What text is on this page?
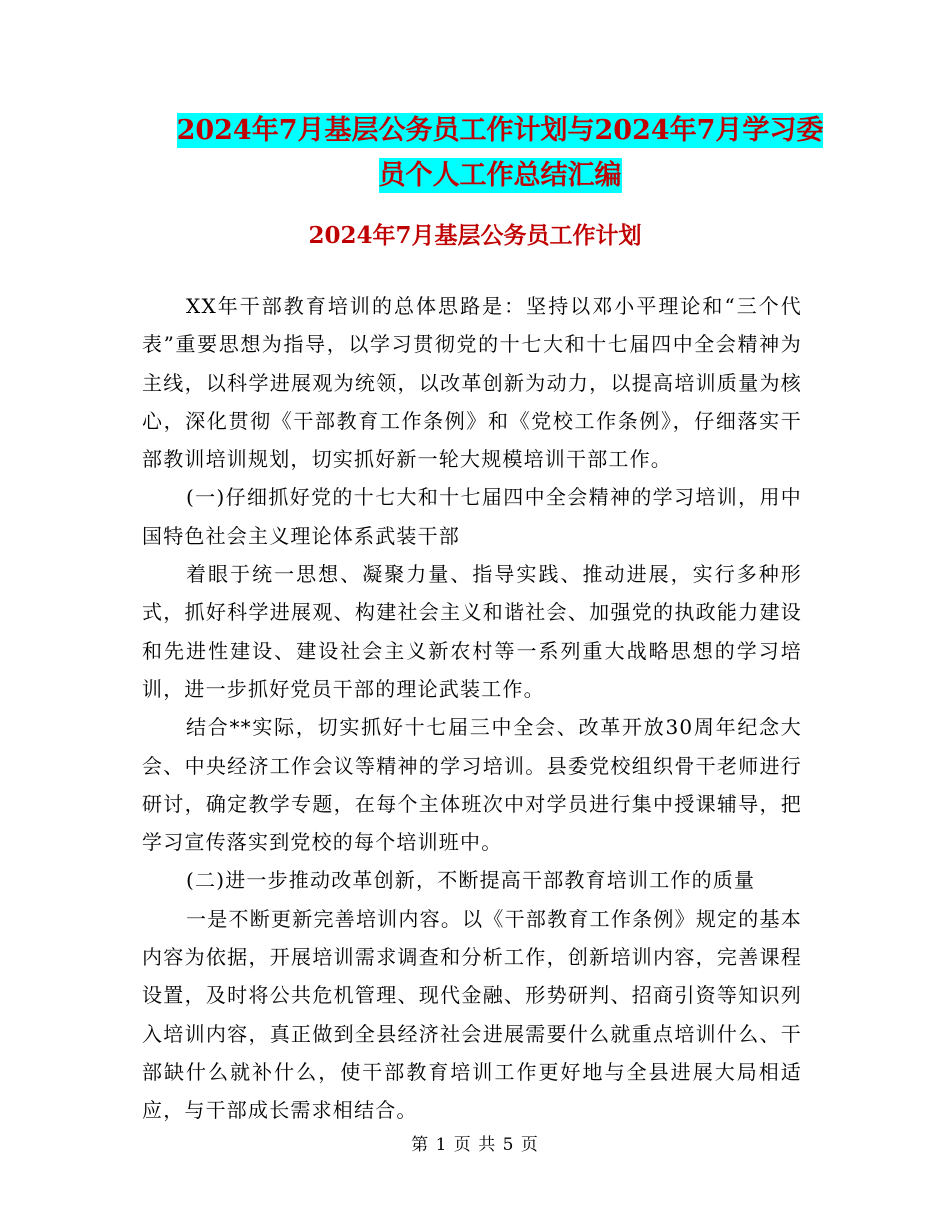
2024年7月基层公务员工作计划与2024年7月学习委
员个人工作总结汇编
2024年7月基层公务员工作计划

XX年干部教育培训的总体思路是：坚持以邓小平理论和“三个代表”重要思想为指导，以学习贯彻党的十七大和十七届四中全会精神为主线，以科学进展观为统领，以改革创新为动力，以提高培训质量为核心，深化贯彻《干部教育工作条例》和《党校工作条例》，仔细落实干部教训培训规划，切实抓好新一轮大规模培训干部工作。

(一)仔细抓好党的十七大和十七届四中全会精神的学习培训，用中国特色社会主义理论体系武装干部

着眼于统一思想、凝聚力量、指导实践、推动进展，实行多种形式，抓好科学进展观、构建社会主义和谐社会、加强党的执政能力建设和先进性建设、建设社会主义新农村等一系列重大战略思想的学习培训，进一步抓好党员干部的理论武装工作。

结合**实际，切实抓好十七届三中全会、改革开放30周年纪念大会、中央经济工作会议等精神的学习培训。县委党校组织骨干老师进行研讨，确定教学专题，在每个主体班次中对学员进行集中授课辅导，把学习宣传落实到党校的每个培训班中。

(二)进一步推动改革创新，不断提高干部教育培训工作的质量

一是不断更新完善培训内容。以《干部教育工作条例》规定的基本内容为依据，开展培训需求调查和分析工作，创新培训内容，完善课程设置，及时将公共危机管理、现代金融、形势研判、招商引资等知识列入培训内容，真正做到全县经济社会进展需要什么就重点培训什么、干部缺什么就补什么，使干部教育培训工作更好地与全县进展大局相适应，与干部成长需求相结合。

第 1 页 共 5 页
